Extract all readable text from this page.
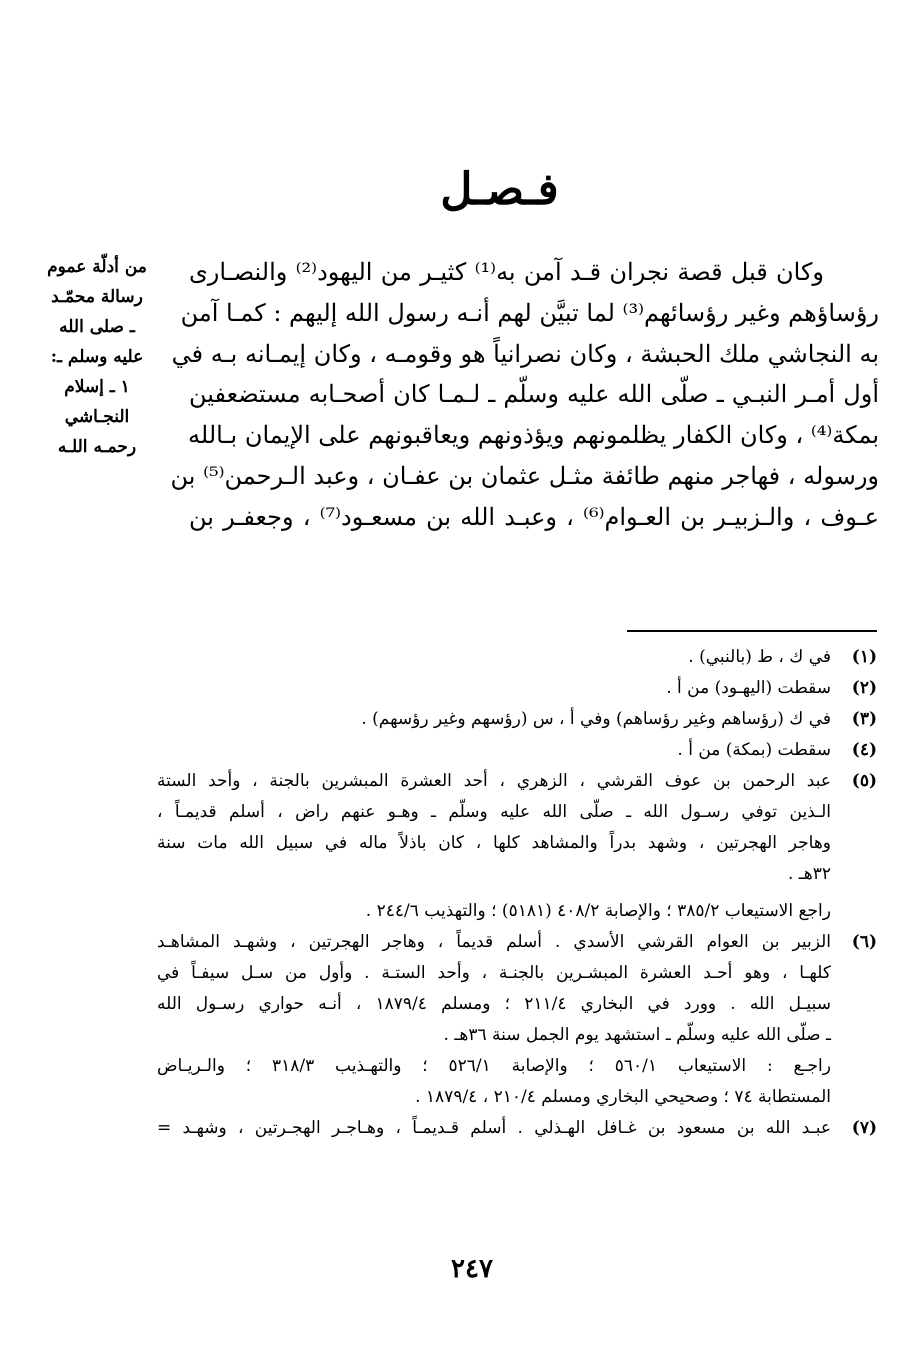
فـصـل
من أدلّة عموم
رسالة محمّـد
ـ صلى الله
عليه وسلم ـ:
١ ـ إسلام
النجـاشي
رحمـه اللـه
وكان قبل قصة نجران قـد آمن به⁽¹⁾ كثيـر من اليهود⁽²⁾ والنصـارى
رؤساؤهم وغير رؤسائهم⁽³⁾ لما تبيَّن لهم أنـه رسول الله إليهم : كمـا آمن
به النجاشي ملك الحبشة ، وكان نصرانياً هو وقومـه ، وكان إيمـانه بـه في
أول أمـر النبـي ـ صلّى الله عليه وسلّم ـ لـمـا كان أصحـابه مستضعفين
بمكة⁽⁴⁾ ، وكان الكفار يظلمونهم ويؤذونهم ويعاقبونهم على الإيمان بـالله
ورسوله ، فهاجر منهم طائفة مثـل عثمان بن عفـان ، وعبد الـرحمن⁽⁵⁾ بن
عـوف ، والـزبيـر بن العـوام⁽⁶⁾ ، وعبـد الله بن مسعـود⁽⁷⁾ ، وجعفـر بن
(١)
في ك ، ط (بالنبي) .
(٢)
سقطت (اليهـود) من أ .
(٣)
في ك (رؤساهم وغير رؤساهم) وفي أ ، س (رؤسهم وغير رؤسهم) .
(٤)
سقطت (بمكة) من أ .
(٥)
عبد الرحمن بن عوف القرشي ، الزهري ، أحد العشرة المبشرين بالجنة ، وأحد الستة
الـذين توفي رسـول الله ـ صلّى الله عليه وسلّم ـ وهـو عنهم راض ، أسلم قديمـاً ،
وهاجر الهجرتين ، وشهد بدراً والمشاهد كلها ، كان باذلاً ماله في سبيل الله مات سنة
٣٢هـ .
راجع الاستيعاب ٣٨٥/٢ ؛ والإصابة ٤٠٨/٢ (٥١٨١) ؛ والتهذيب ٢٤٤/٦ .
(٦)
الزبير بن العوام القرشي الأسدي . أسلم قديماً ، وهاجر الهجرتين ، وشهـد المشاهـد
كلهـا ، وهو أحـد العشرة المبشـرين بالجنـة ، وأحد الستـة . وأول من سـل سيفـاً في
سبيـل الله . وورد في البخاري ٢١١/٤ ؛ ومسلم ١٨٧٩/٤ ، أنـه حواري رسـول الله
ـ صلّى الله عليه وسلّم ـ استشهد يوم الجمل سنة ٣٦هـ .
راجـع : الاستيعاب ٥٦٠/١ ؛ والإصابة ٥٢٦/١ ؛ والتهـذيب ٣١٨/٣ ؛ والـريـاض
المستطابة ٧٤ ؛ وصحيحي البخاري ومسلم ٢١٠/٤ ، ١٨٧٩/٤ .
(٧)
عبـد الله بن مسعود بن غـافل الهـذلي . أسلم قـديمـاً ، وهـاجـر الهجـرتين ، وشهـد =
٢٤٧
